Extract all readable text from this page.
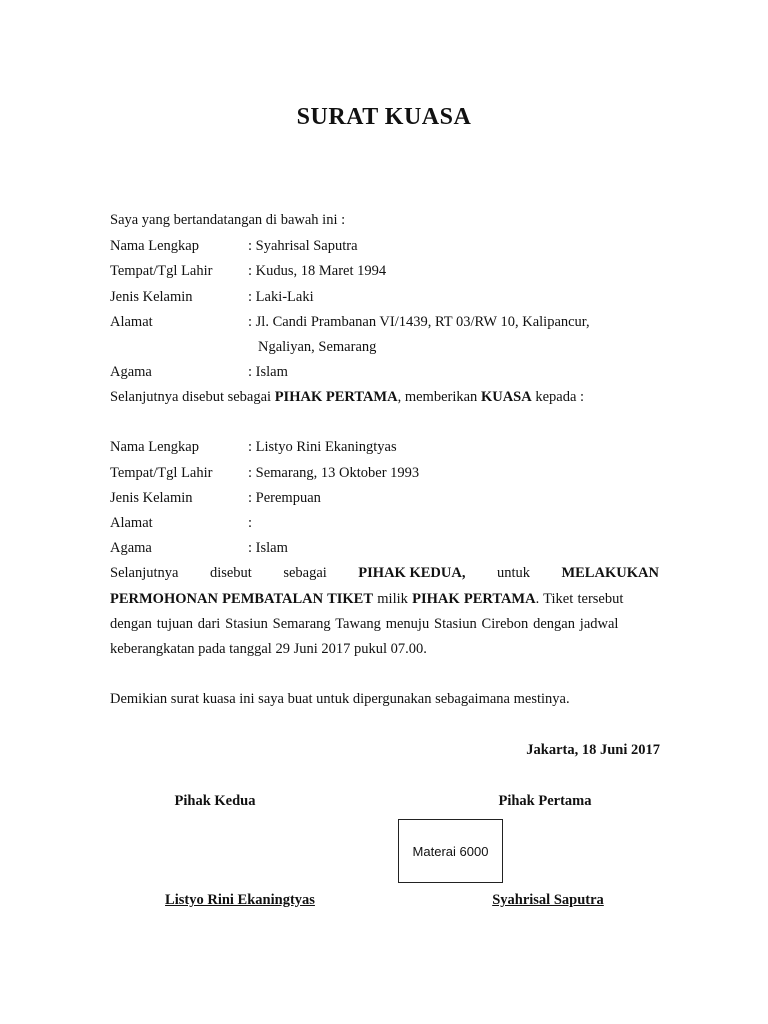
SURAT KUASA
Saya yang bertandatangan di bawah ini :
Nama Lengkap	: Syahrisal Saputra
Tempat/Tgl Lahir : Kudus, 18 Maret 1994
Jenis Kelamin	: Laki-Laki
Alamat	: Jl. Candi Prambanan VI/1439, RT 03/RW 10, Kalipancur,
Ngaliyan, Semarang
Agama	: Islam
Selanjutnya disebut sebagai PIHAK PERTAMA, memberikan KUASA kepada :
Nama Lengkap	: Listyo Rini Ekaningtyas
Tempat/Tgl Lahir : Semarang, 13 Oktober 1993
Jenis Kelamin	: Perempuan
Alamat	:
Agama	: Islam
Selanjutnya disebut sebagai PIHAK KEDUA, untuk MELAKUKAN
PERMOHONAN PEMBATALAN TIKET milik PIHAK PERTAMA. Tiket tersebut
dengan tujuan dari Stasiun Semarang Tawang menuju Stasiun Cirebon dengan jadwal
keberangkatan pada tanggal 29 Juni 2017 pukul 07.00.
Demikian surat kuasa ini saya buat untuk dipergunakan sebagaimana mestinya.
Jakarta, 18 Juni 2017
Pihak Kedua	Pihak Pertama
Materai 6000
Listyo Rini Ekaningtyas	Syahrisal Saputra
